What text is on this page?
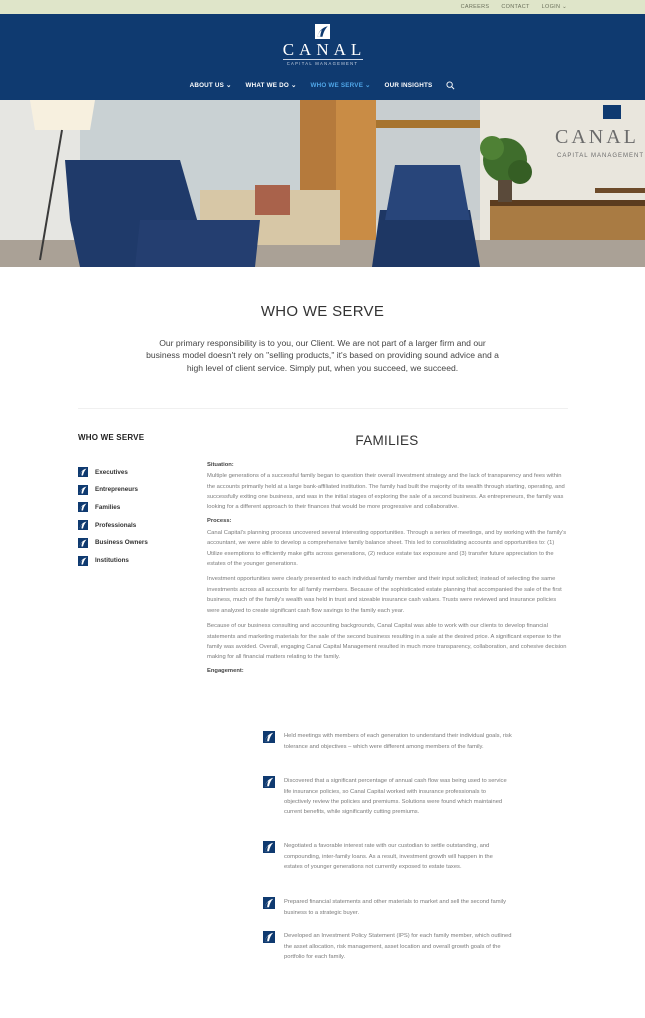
CAREERS CONTACT LOGIN ⌄
CANAL
CAPITAL MANAGEMENT
ABOUT US ⌄ WHAT WE DO ⌄ WHO WE SERVE ⌄ OUR INSIGHTS
CANAL
CAPITAL MANAGEMENT
WHO WE SERVE

Our primary responsibility is to you, our Client. We are not part of a larger firm and our business model doesn't rely on "selling products," it's based on providing sound advice and a high level of client service. Simply put, when you succeed, we succeed.

WHO WE SERVE
Executives
Entrepreneurs
Families
Professionals
Business Owners
Institutions
FAMILIES
Situation:

Multiple generations of a successful family began to question their overall investment strategy and the lack of transparency and fees within the accounts primarily held at a large bank-affiliated institution. The family had built the majority of its wealth through starting, operating, and successfully exiting one business, and was in the initial stages of exploring the sale of a second business. As entrepreneurs, the family was looking for a different approach to their finances that would be more progressive and collaborative.

Process:

Canal Capital's planning process uncovered several interesting opportunities. Through a series of meetings, and by working with the family's accountant, we were able to develop a comprehensive family balance sheet. This led to consolidating accounts and opportunities to: (1) Utilize exemptions to efficiently make gifts across generations, (2) reduce estate tax exposure and (3) transfer future appreciation to the estates of the younger generations.

Investment opportunities were clearly presented to each individual family member and their input solicited; instead of selecting the same investments across all accounts for all family members. Because of the sophisticated estate planning that accompanied the sale of the first business, much of the family's wealth was held in trust and sizeable insurance cash values. Trusts were reviewed and insurance policies were analyzed to create significant cash flow savings to the family each year.

Because of our business consulting and accounting backgrounds, Canal Capital was able to work with our clients to develop financial statements and marketing materials for the sale of the second business resulting in a sale at the desired price. A significant expense to the family was avoided. Overall, engaging Canal Capital Management resulted in much more transparency, collaboration, and cohesive decision making for all financial matters relating to the family.

Engagement:

Held meetings with members of each generation to understand their individual goals, risk tolerance and objectives – which were different among members of the family.

Discovered that a significant percentage of annual cash flow was being used to service life insurance policies, so Canal Capital worked with insurance professionals to objectively review the policies and premiums. Solutions were found which maintained current benefits, while significantly cutting premiums.

Negotiated a favorable interest rate with our custodian to settle outstanding, and compounding, inter-family loans. As a result, investment growth will happen in the estates of younger generations not currently exposed to estate taxes.

Prepared financial statements and other materials to market and sell the second family business to a strategic buyer.

Developed an Investment Policy Statement (IPS) for each family member, which outlined the asset allocation, risk management, asset location and overall growth goals of the portfolio for each family.
